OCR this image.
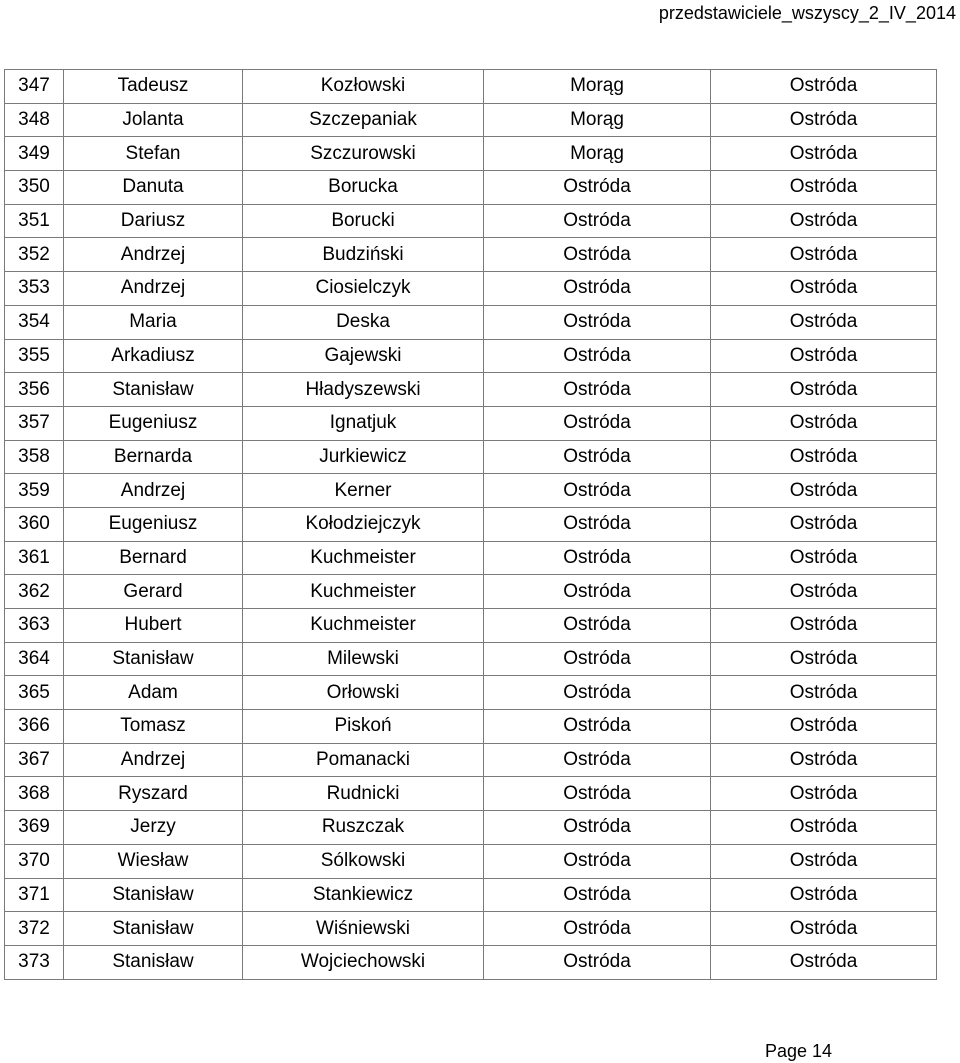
przedstawiciele_wszyscy_2_IV_2014
347	Tadeusz	Kozłowski	Morąg	Ostróda
348	Jolanta	Szczepaniak	Morąg	Ostróda
349	Stefan	Szczurowski	Morąg	Ostróda
350	Danuta	Borucka	Ostróda	Ostróda
351	Dariusz	Borucki	Ostróda	Ostróda
352	Andrzej	Budziński	Ostróda	Ostróda
353	Andrzej	Ciosielczyk	Ostróda	Ostróda
354	Maria	Deska	Ostróda	Ostróda
355	Arkadiusz	Gajewski	Ostróda	Ostróda
356	Stanisław	Hładyszewski	Ostróda	Ostróda
357	Eugeniusz	Ignatjuk	Ostróda	Ostróda
358	Bernarda	Jurkiewicz	Ostróda	Ostróda
359	Andrzej	Kerner	Ostróda	Ostróda
360	Eugeniusz	Kołodziejczyk	Ostróda	Ostróda
361	Bernard	Kuchmeister	Ostróda	Ostróda
362	Gerard	Kuchmeister	Ostróda	Ostróda
363	Hubert	Kuchmeister	Ostróda	Ostróda
364	Stanisław	Milewski	Ostróda	Ostróda
365	Adam	Orłowski	Ostróda	Ostróda
366	Tomasz	Piskoń	Ostróda	Ostróda
367	Andrzej	Pomanacki	Ostróda	Ostróda
368	Ryszard	Rudnicki	Ostróda	Ostróda
369	Jerzy	Ruszczak	Ostróda	Ostróda
370	Wiesław	Sólkowski	Ostróda	Ostróda
371	Stanisław	Stankiewicz	Ostróda	Ostróda
372	Stanisław	Wiśniewski	Ostróda	Ostróda
373	Stanisław	Wojciechowski	Ostróda	Ostróda
Page 14
